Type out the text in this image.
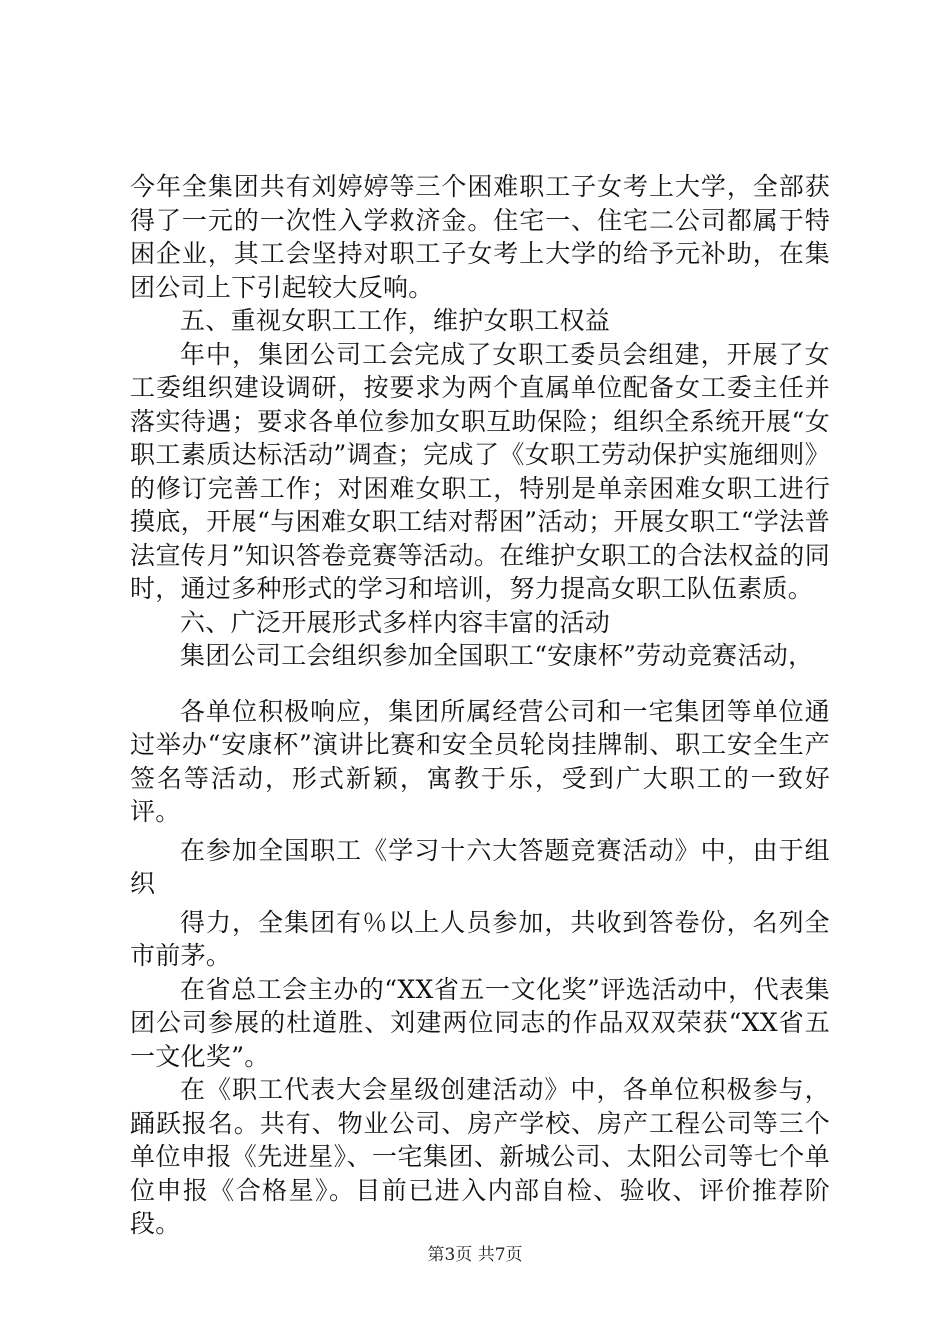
今年全集团共有刘婷婷等三个困难职工子女考上大学，全部获得了一元的一次性入学救济金。住宅一、住宅二公司都属于特困企业，其工会坚持对职工子女考上大学的给予元补助，在集团公司上下引起较大反响。

五、重视女职工工作，维护女职工权益

年中，集团公司工会完成了女职工委员会组建，开展了女工委组织建设调研，按要求为两个直属单位配备女工委主任并落实待遇；要求各单位参加女职互助保险；组织全系统开展“女职工素质达标活动”调查；完成了《女职工劳动保护实施细则》的修订完善工作；对困难女职工，特别是单亲困难女职工进行摸底，开展“与困难女职工结对帮困”活动；开展女职工“学法普法宣传月”知识答卷竞赛等活动。在维护女职工的合法权益的同时，通过多种形式的学习和培训，努力提高女职工队伍素质。

六、广泛开展形式多样内容丰富的活动

集团公司工会组织参加全国职工“安康杯”劳动竞赛活动，

各单位积极响应，集团所属经营公司和一宅集团等单位通过举办“安康杯”演讲比赛和安全员轮岗挂牌制、职工安全生产签名等活动，形式新颖，寓教于乐，受到广大职工的一致好评。

在参加全国职工《学习十六大答题竞赛活动》中，由于组织

得力，全集团有％以上人员参加，共收到答卷份，名列全市前茅。

在省总工会主办的“XX省五一文化奖”评选活动中，代表集团公司参展的杜道胜、刘建两位同志的作品双双荣获“XX省五一文化奖”。

在《职工代表大会星级创建活动》中，各单位积极参与，踊跃报名。共有、物业公司、房产学校、房产工程公司等三个单位申报《先进星》、一宅集团、新城公司、太阳公司等七个单位申报《合格星》。目前已进入内部自检、验收、评价推荐阶段。

第3页 共7页
